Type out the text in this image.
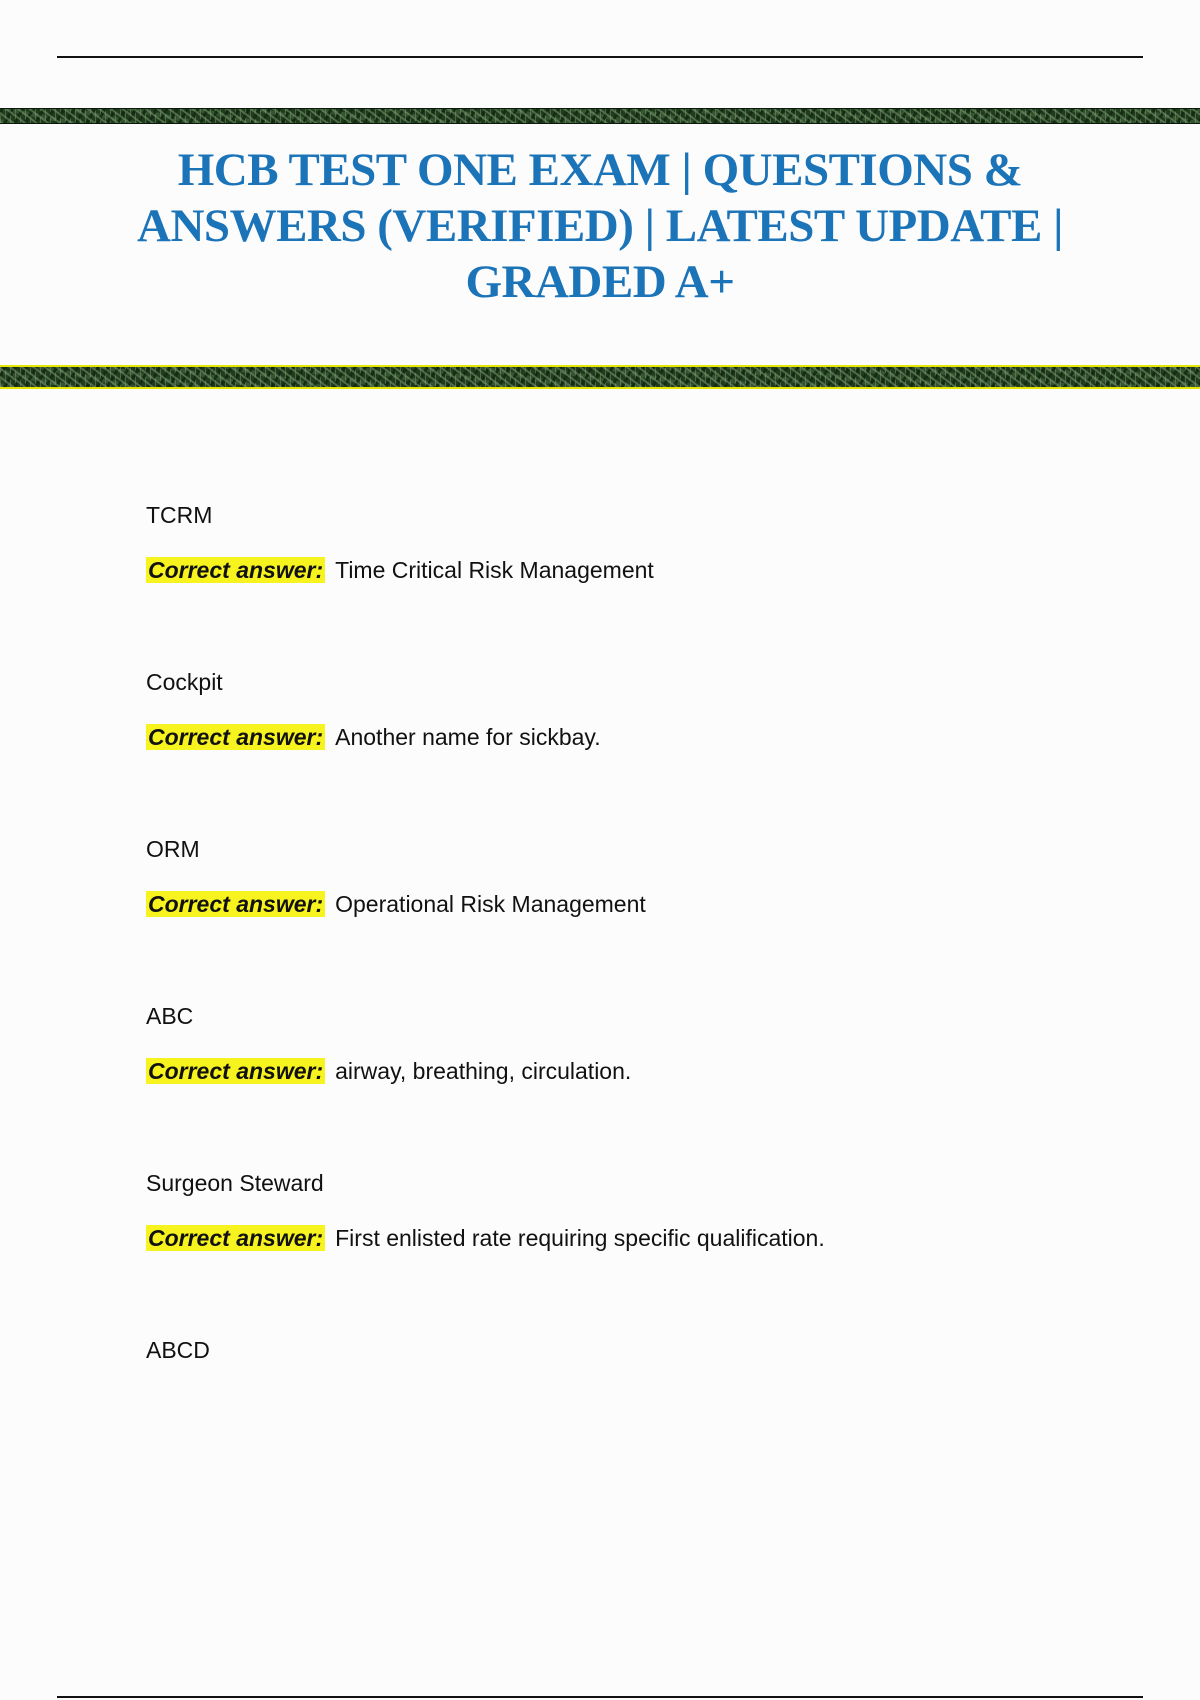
HCB TEST ONE EXAM | QUESTIONS & ANSWERS (VERIFIED) | LATEST UPDATE | GRADED A+
TCRM
Correct answer: Time Critical Risk Management
Cockpit
Correct answer: Another name for sickbay.
ORM
Correct answer: Operational Risk Management
ABC
Correct answer: airway, breathing, circulation.
Surgeon Steward
Correct answer: First enlisted rate requiring specific qualification.
ABCD
